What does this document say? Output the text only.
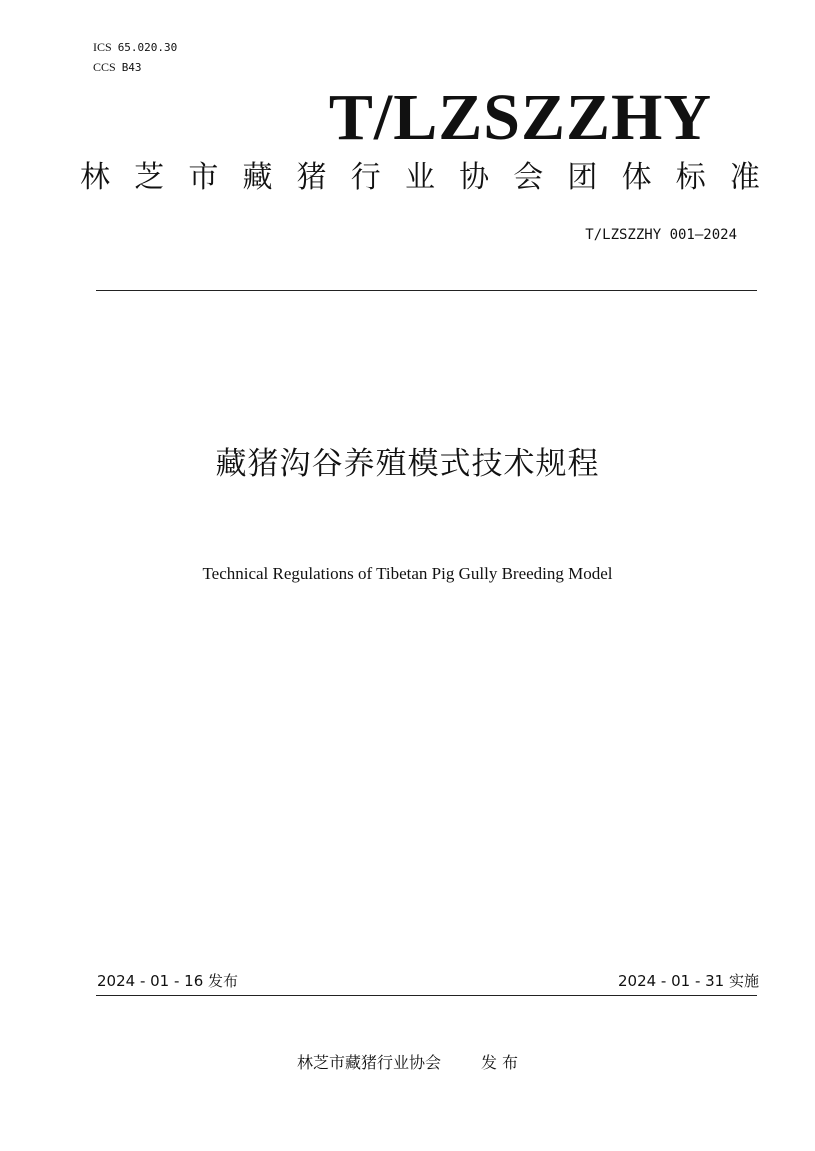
ICS 65.020.30
CCS B43
T/LZSZZHY
林 芝 市 藏 猪 行 业 协 会 团 体 标 准
T/LZSZZHY 001—2024
藏猪沟谷养殖模式技术规程
Technical Regulations of Tibetan Pig Gully Breeding Model
2024 - 01 - 16 发布	2024 - 01 - 31 实施
林芝市藏猪行业协会	发 布
